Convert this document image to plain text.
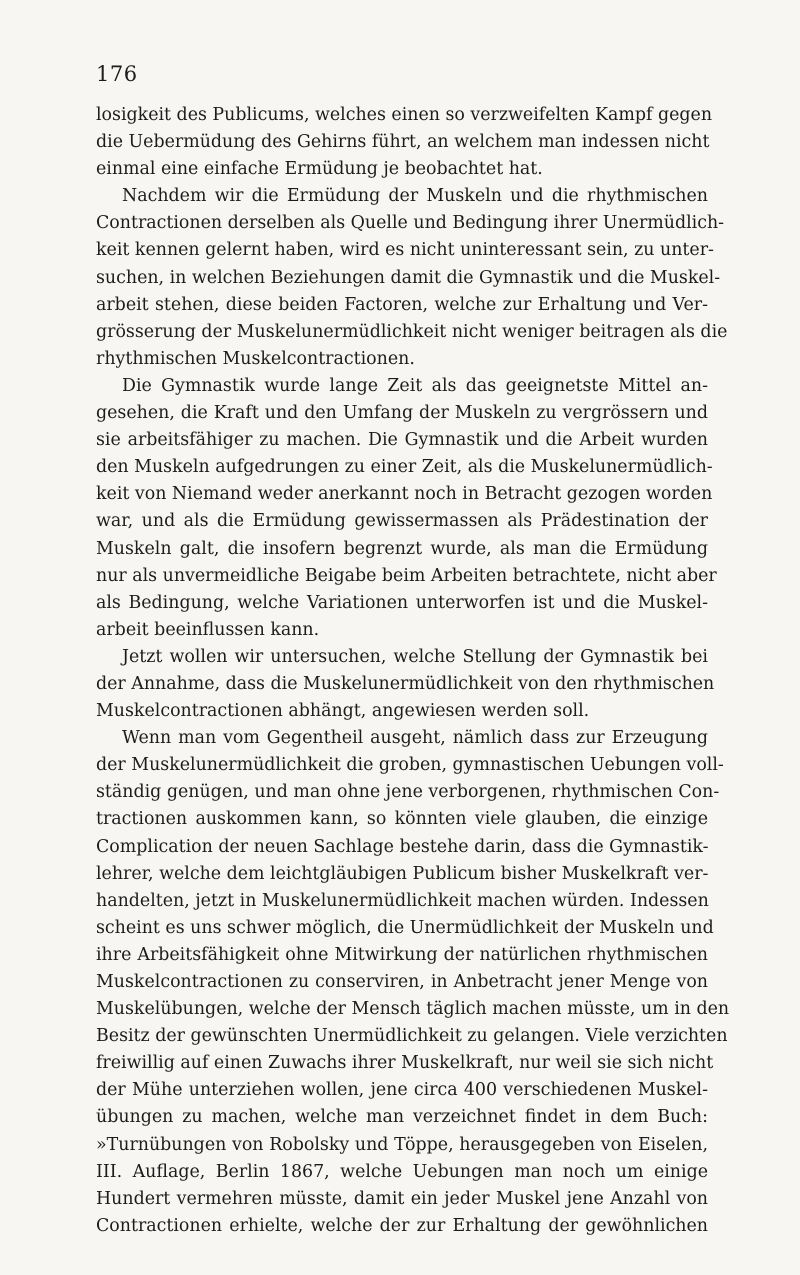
176
losigkeit des Publicums, welches einen so verzweifelten Kampf gegen
die Uebermüdung des Gehirns führt, an welchem man indessen nicht
einmal eine einfache Ermüdung je beobachtet hat.
Nachdem wir die Ermüdung der Muskeln und die rhythmischen
Contractionen derselben als Quelle und Bedingung ihrer Unermüdlich-
keit kennen gelernt haben, wird es nicht uninteressant sein, zu unter-
suchen, in welchen Beziehungen damit die Gymnastik und die Muskel-
arbeit stehen, diese beiden Factoren, welche zur Erhaltung und Ver-
grösserung der Muskelunermüdlichkeit nicht weniger beitragen als die
rhythmischen Muskelcontractionen.
Die Gymnastik wurde lange Zeit als das geeignetste Mittel an-
gesehen, die Kraft und den Umfang der Muskeln zu vergrössern und
sie arbeitsfähiger zu machen. Die Gymnastik und die Arbeit wurden
den Muskeln aufgedrungen zu einer Zeit, als die Muskelunermüdlich-
keit von Niemand weder anerkannt noch in Betracht gezogen worden
war, und als die Ermüdung gewissermassen als Prädestination der
Muskeln galt, die insofern begrenzt wurde, als man die Ermüdung
nur als unvermeidliche Beigabe beim Arbeiten betrachtete, nicht aber
als Bedingung, welche Variationen unterworfen ist und die Muskel-
arbeit beeinflussen kann.
Jetzt wollen wir untersuchen, welche Stellung der Gymnastik bei
der Annahme, dass die Muskelunermüdlichkeit von den rhythmischen
Muskelcontractionen abhängt, angewiesen werden soll.
Wenn man vom Gegentheil ausgeht, nämlich dass zur Erzeugung
der Muskelunermüdlichkeit die groben, gymnastischen Uebungen voll-
ständig genügen, und man ohne jene verborgenen, rhythmischen Con-
tractionen auskommen kann, so könnten viele glauben, die einzige
Complication der neuen Sachlage bestehe darin, dass die Gymnastik-
lehrer, welche dem leichtgläubigen Publicum bisher Muskelkraft ver-
handelten, jetzt in Muskelunermüdlichkeit machen würden. Indessen
scheint es uns schwer möglich, die Unermüdlichkeit der Muskeln und
ihre Arbeitsfähigkeit ohne Mitwirkung der natürlichen rhythmischen
Muskelcontractionen zu conserviren, in Anbetracht jener Menge von
Muskelübungen, welche der Mensch täglich machen müsste, um in den
Besitz der gewünschten Unermüdlichkeit zu gelangen. Viele verzichten
freiwillig auf einen Zuwachs ihrer Muskelkraft, nur weil sie sich nicht
der Mühe unterziehen wollen, jene circa 400 verschiedenen Muskel-
übungen zu machen, welche man verzeichnet findet in dem Buch:
»Turnübungen von Robolsky und Töppe, herausgegeben von Eiselen,
III. Auflage, Berlin 1867, welche Uebungen man noch um einige
Hundert vermehren müsste, damit ein jeder Muskel jene Anzahl von
Contractionen erhielte, welche der zur Erhaltung der gewöhnlichen
